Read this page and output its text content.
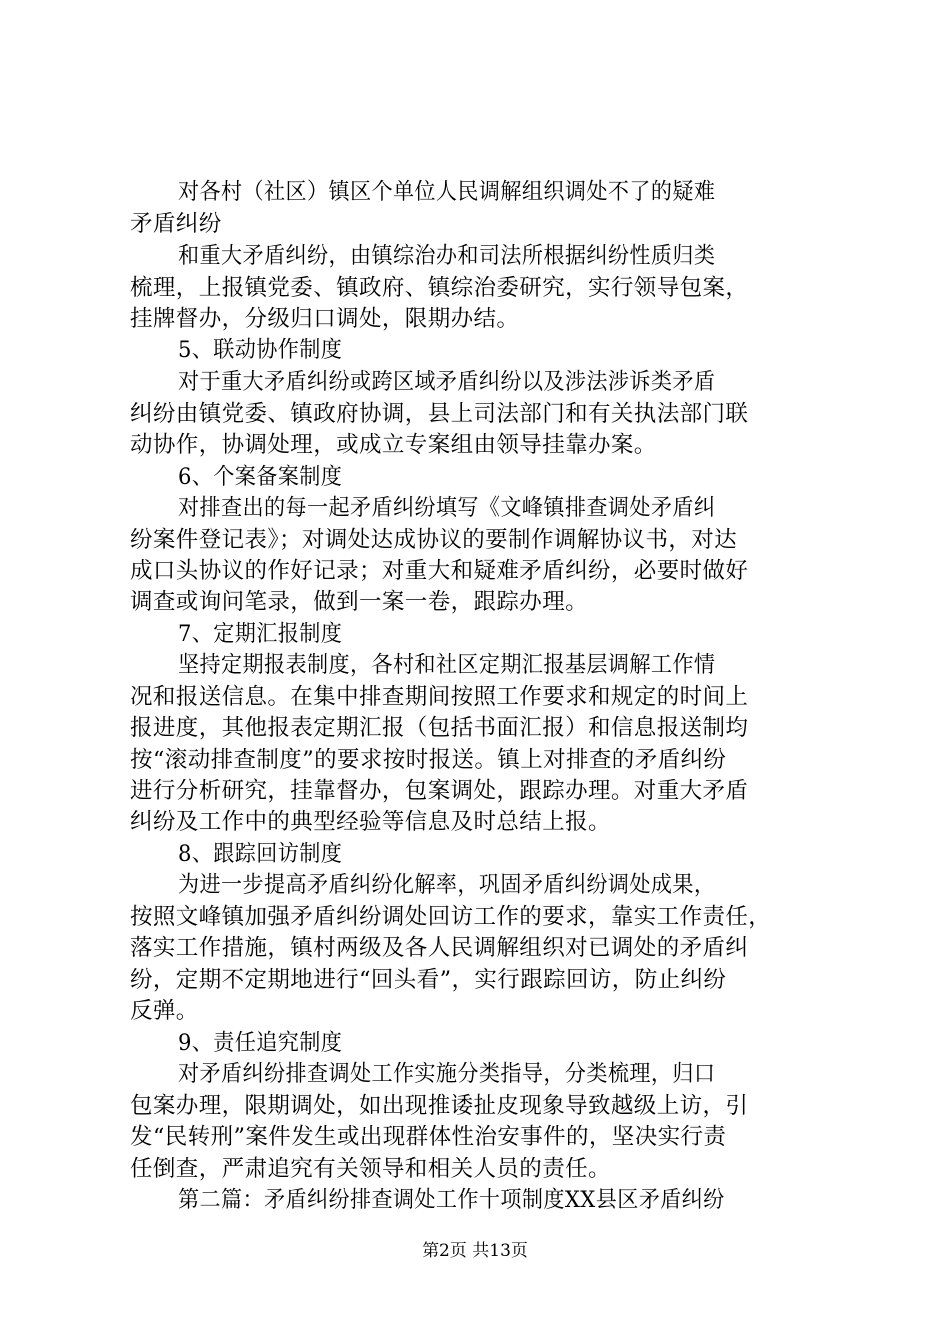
对各村（社区）镇区个单位人民调解组织调处不了的疑难
矛盾纠纷
和重大矛盾纠纷，由镇综治办和司法所根据纠纷性质归类
梳理，上报镇党委、镇政府、镇综治委研究，实行领导包案，
挂牌督办，分级归口调处，限期办结。
5、联动协作制度
对于重大矛盾纠纷或跨区域矛盾纠纷以及涉法涉诉类矛盾
纠纷由镇党委、镇政府协调，县上司法部门和有关执法部门联
动协作，协调处理，或成立专案组由领导挂靠办案。
6、个案备案制度
对排查出的每一起矛盾纠纷填写《文峰镇排查调处矛盾纠
纷案件登记表》；对调处达成协议的要制作调解协议书，对达
成口头协议的作好记录；对重大和疑难矛盾纠纷，必要时做好
调查或询问笔录，做到一案一卷，跟踪办理。
7、定期汇报制度
坚持定期报表制度，各村和社区定期汇报基层调解工作情
况和报送信息。在集中排查期间按照工作要求和规定的时间上
报进度，其他报表定期汇报（包括书面汇报）和信息报送制均
按“滚动排查制度”的要求按时报送。镇上对排查的矛盾纠纷
进行分析研究，挂靠督办，包案调处，跟踪办理。对重大矛盾
纠纷及工作中的典型经验等信息及时总结上报。
8、跟踪回访制度
为进一步提高矛盾纠纷化解率，巩固矛盾纠纷调处成果，
按照文峰镇加强矛盾纠纷调处回访工作的要求，靠实工作责任，
落实工作措施，镇村两级及各人民调解组织对已调处的矛盾纠
纷，定期不定期地进行“回头看”，实行跟踪回访，防止纠纷
反弹。
9、责任追究制度
对矛盾纠纷排查调处工作实施分类指导，分类梳理，归口
包案办理，限期调处，如出现推诿扯皮现象导致越级上访，引
发“民转刑”案件发生或出现群体性治安事件的，坚决实行责
任倒查，严肃追究有关领导和相关人员的责任。
第二篇：矛盾纠纷排查调处工作十项制度XX县区矛盾纠纷
第2页 共13页
